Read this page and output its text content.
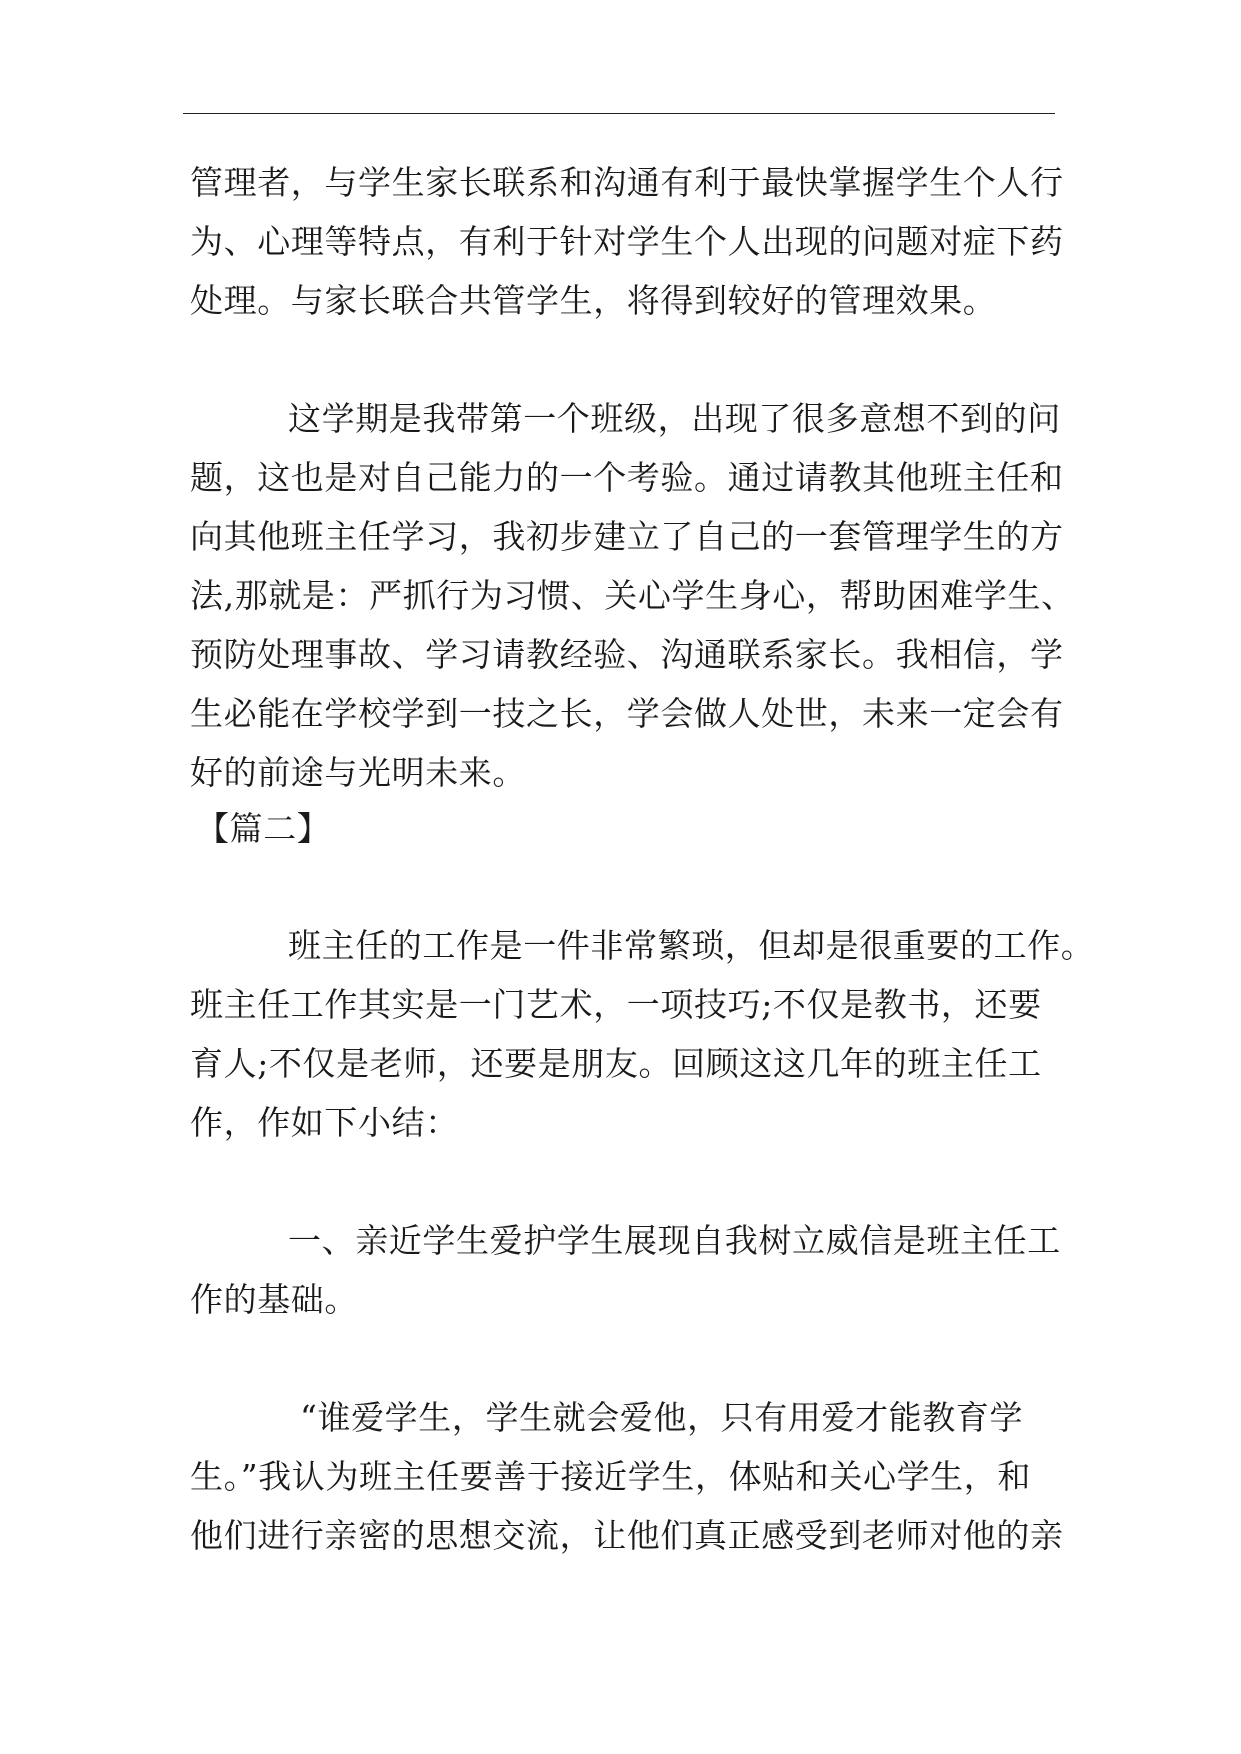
管理者，与学生家长联系和沟通有利于最快掌握学生个人行
为、心理等特点，有利于针对学生个人出现的问题对症下药
处理。与家长联合共管学生，将得到较好的管理效果。
这学期是我带第一个班级，出现了很多意想不到的问
题，这也是对自己能力的一个考验。通过请教其他班主任和
向其他班主任学习，我初步建立了自己的一套管理学生的方
法,那就是：严抓行为习惯、关心学生身心，帮助困难学生、
预防处理事故、学习请教经验、沟通联系家长。我相信，学
生必能在学校学到一技之长，学会做人处世，未来一定会有
好的前途与光明未来。
【篇二】
班主任的工作是一件非常繁琐，但却是很重要的工作。
班主任工作其实是一门艺术，一项技巧;不仅是教书，还要
育人;不仅是老师，还要是朋友。回顾这这几年的班主任工
作，作如下小结：
一、亲近学生爱护学生展现自我树立威信是班主任工
作的基础。
“谁爱学生，学生就会爱他，只有用爱才能教育学
生。”我认为班主任要善于接近学生，体贴和关心学生，和
他们进行亲密的思想交流，让他们真正感受到老师对他的亲
